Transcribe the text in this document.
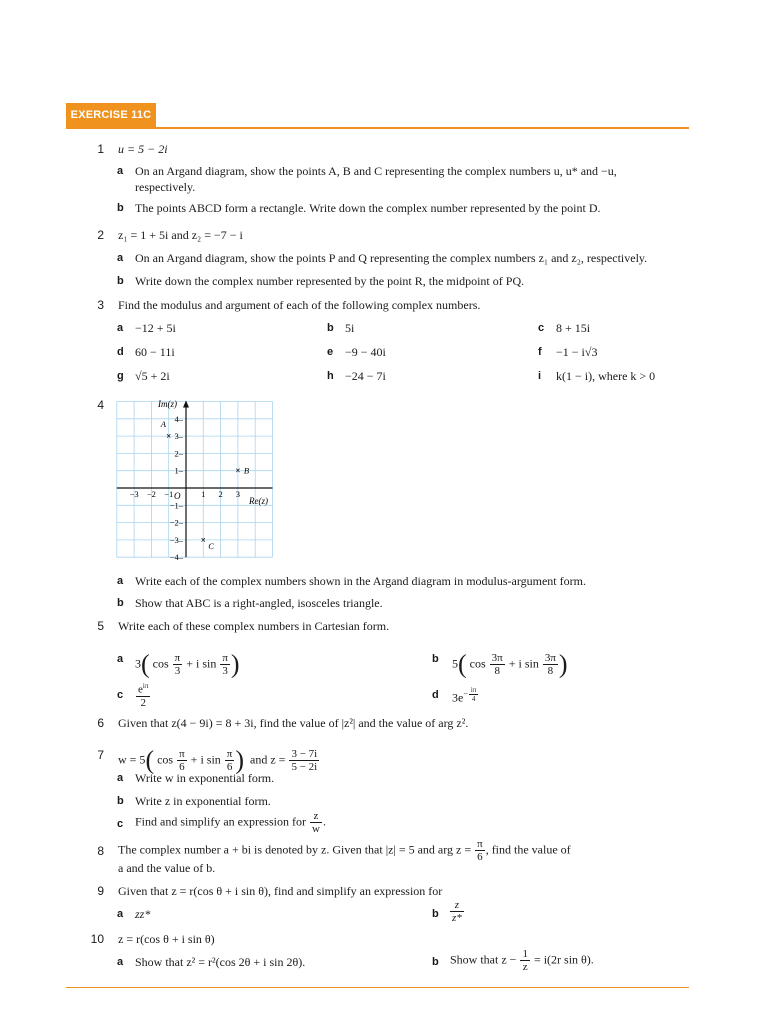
EXERCISE 11C
1 u = 5 − 2i
a On an Argand diagram, show the points A, B and C representing the complex numbers u, u* and −u,
respectively.
b The points ABCD form a rectangle. Write down the complex number represented by the point D.
2 z₁ = 1 + 5i and z₂ = −7 − i
a On an Argand diagram, show the points P and Q representing the complex numbers z₁ and z₂, respectively.
b Write down the complex number represented by the point R, the midpoint of PQ.
3 Find the modulus and argument of each of the following complex numbers.
a −12 + 5i	b 5i	c 8 + 15i
d 60 − 11i	e −9 − 40i	f −1 − i√3
g √5 + 2i	h −24 − 7i	i k(1 − i), where k > 0
4
−3 −2 −1	1 2 3
4–
3–
2–
1–
−1–
−2–
−3–
−4–
×
A
× B
×
C
Im(z)
Re(z)
O
a Write each of the complex numbers shown in the Argand diagram in modulus-argument form.
b Show that ABC is a right-angled, isosceles triangle.
5 Write each of these complex numbers in Cartesian form.
a 3( $\cos \frac{\pi}{3} + i$ $\sin \frac{\pi}{3}$ )	b 5( $\cos \frac{3\pi}{8} + i$ $\sin \frac{3\pi}{8}$ )
c $\frac{e^{i\pi}}{2}$	d $3e^{- \frac{i\pi}{4}}$
6 Given that z(4 − 9i) = 8 + 3i, find the value of |z²| and the value of arg z².
7 w = 5( $\cos \frac{\pi}{6} + i$ $\sin \frac{\pi}{6}$ ) and $z = \frac{3 - 7i}{5 - 2i}$
a Write w in exponential form.
b Write z in exponential form.
c Find and simplify an expression for $\frac{z}{w}$ .
8 The complex number a + bi is denoted by z. Given that |z| = 5 and arg $z = \frac{\pi}{6}$ , find the value of
a and the value of b.
9 Given that z = r(cos θ + i sin θ), find and simplify an expression for
a zz*	b $\frac{z}{z*}$
10 z = r(cos θ + i sin θ)
a Show that z² = r²(cos 2θ + i sin 2θ).	b Show that $z - \frac{1}{z} = i(2r$ sin θ).
